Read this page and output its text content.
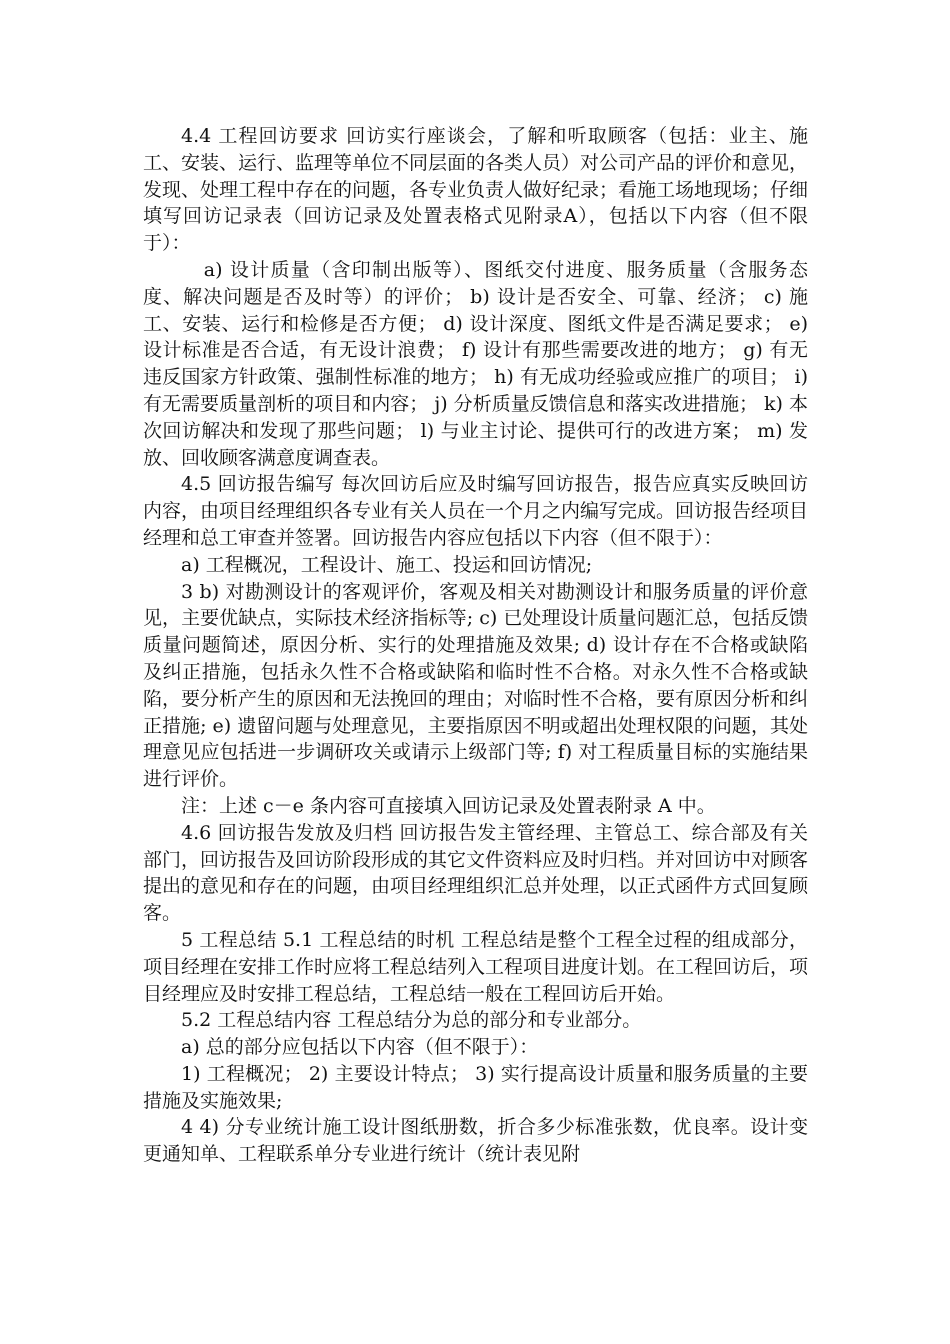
4.4 工程回访要求 回访实行座谈会，了解和听取顾客（包括：业主、施工、安装、运行、监理等单位不同层面的各类人员）对公司产品的评价和意见，发现、处理工程中存在的问题，各专业负责人做好纪录；看施工场地现场；仔细填写回访记录表（回访记录及处置表格式见附录A），包括以下内容（但不限于）：

a) 设计质量（含印制出版等）、图纸交付进度、服务质量（含服务态度、解决问题是否及时等）的评价； b) 设计是否安全、可靠、经济； c) 施工、安装、运行和检修是否方便； d) 设计深度、图纸文件是否满足要求； e) 设计标准是否合适，有无设计浪费； f) 设计有那些需要改进的地方； g) 有无违反国家方针政策、强制性标准的地方； h) 有无成功经验或应推广的项目； i) 有无需要质量剖析的项目和内容； j) 分析质量反馈信息和落实改进措施； k) 本次回访解决和发现了那些问题； l) 与业主讨论、提供可行的改进方案； m) 发放、回收顾客满意度调查表。

4.5 回访报告编写 每次回访后应及时编写回访报告，报告应真实反映回访内容，由项目经理组织各专业有关人员在一个月之内编写完成。回访报告经项目经理和总工审查并签署。回访报告内容应包括以下内容（但不限于）：

a) 工程概况，工程设计、施工、投运和回访情况;

3 b) 对勘测设计的客观评价，客观及相关对勘测设计和服务质量的评价意见，主要优缺点，实际技术经济指标等; c) 已处理设计质量问题汇总，包括反馈质量问题简述，原因分析、实行的处理措施及效果; d) 设计存在不合格或缺陷及纠正措施，包括永久性不合格或缺陷和临时性不合格。对永久性不合格或缺陷，要分析产生的原因和无法挽回的理由；对临时性不合格，要有原因分析和纠正措施; e) 遗留问题与处理意见，主要指原因不明或超出处理权限的问题，其处理意见应包括进一步调研攻关或请示上级部门等; f) 对工程质量目标的实施结果进行评价。

注：上述 c－e 条内容可直接填入回访记录及处置表附录 A 中。

4.6 回访报告发放及归档 回访报告发主管经理、主管总工、综合部及有关部门，回访报告及回访阶段形成的其它文件资料应及时归档。并对回访中对顾客提出的意见和存在的问题，由项目经理组织汇总并处理，以正式函件方式回复顾客。

5 工程总结 5.1 工程总结的时机 工程总结是整个工程全过程的组成部分，项目经理在安排工作时应将工程总结列入工程项目进度计划。在工程回访后，项目经理应及时安排工程总结，工程总结一般在工程回访后开始。

5.2 工程总结内容 工程总结分为总的部分和专业部分。

a) 总的部分应包括以下内容（但不限于）：

1) 工程概况； 2) 主要设计特点； 3) 实行提高设计质量和服务质量的主要措施及实施效果;

4 4) 分专业统计施工设计图纸册数，折合多少标准张数，优良率。设计变更通知单、工程联系单分专业进行统计（统计表见附
